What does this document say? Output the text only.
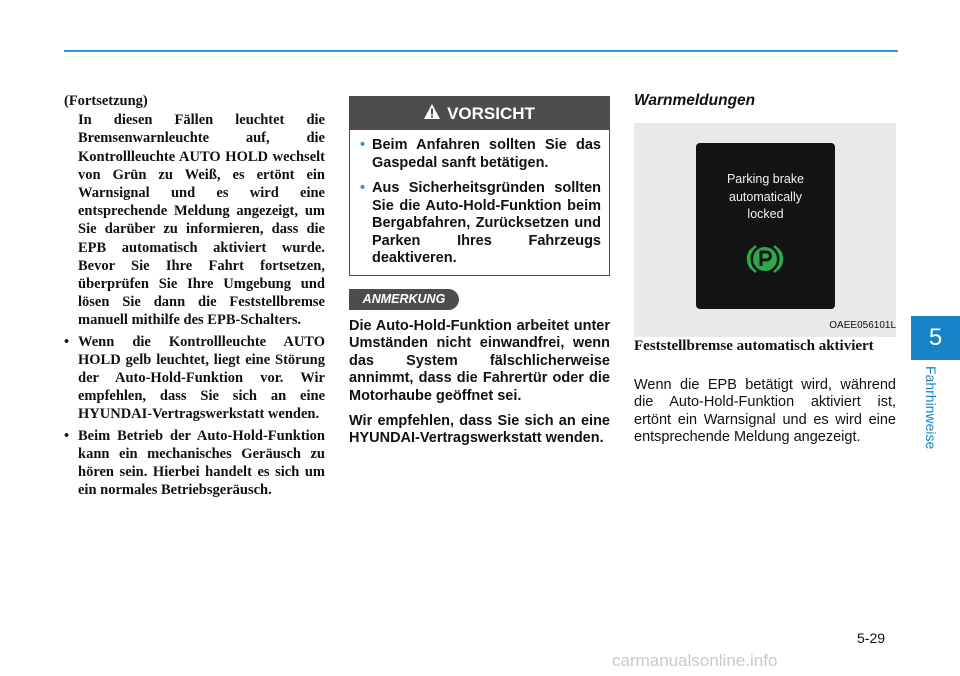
(Fortsetzung)

In diesen Fällen leuchtet die Bremsenwarnleuchte auf, die Kontrollleuchte AUTO HOLD wechselt von Grün zu Weiß, es ertönt ein Warnsignal und es wird eine entsprechende Meldung angezeigt, um Sie darüber zu informieren, dass die EPB automatisch aktiviert wurde. Bevor Sie Ihre Fahrt fortsetzen, überprüfen Sie Ihre Umgebung und lösen Sie dann die Feststellbremse manuell mithilfe des EPB-Schalters.

• Wenn die Kontrollleuchte AUTO HOLD gelb leuchtet, liegt eine Störung der Auto-Hold-Funktion vor. Wir empfehlen, dass Sie sich an eine HYUNDAI-Vertragswerkstatt wenden.
• Beim Betrieb der Auto-Hold-Funktion kann ein mechanisches Geräusch zu hören sein. Hierbei handelt es sich um ein normales Betriebsgeräusch.
VORSICHT
• Beim Anfahren sollten Sie das Gaspedal sanft betätigen.
• Aus Sicherheitsgründen sollten Sie die Auto-Hold-Funktion beim Bergabfahren, Zurücksetzen und Parken Ihres Fahrzeugs deaktiveren.
ANMERKUNG

Die Auto-Hold-Funktion arbeitet unter Umständen nicht einwandfrei, wenn das System fälschlicherweise annimmt, dass die Fahrertür oder die Motorhaube geöffnet sei.

Wir empfehlen, dass Sie sich an eine HYUNDAI-Vertragswerkstatt wenden.

Warnmeldungen
Parking brake
automatically
locked
OAEE056101L
Feststellbremse automatisch aktiviert

Wenn die EPB betätigt wird, während die Auto-Hold-Funktion aktiviert ist, ertönt ein Warnsignal und es wird eine entsprechende Meldung angezeigt.

5
Fahrhinweise
5-29
carmanualsonline.info
